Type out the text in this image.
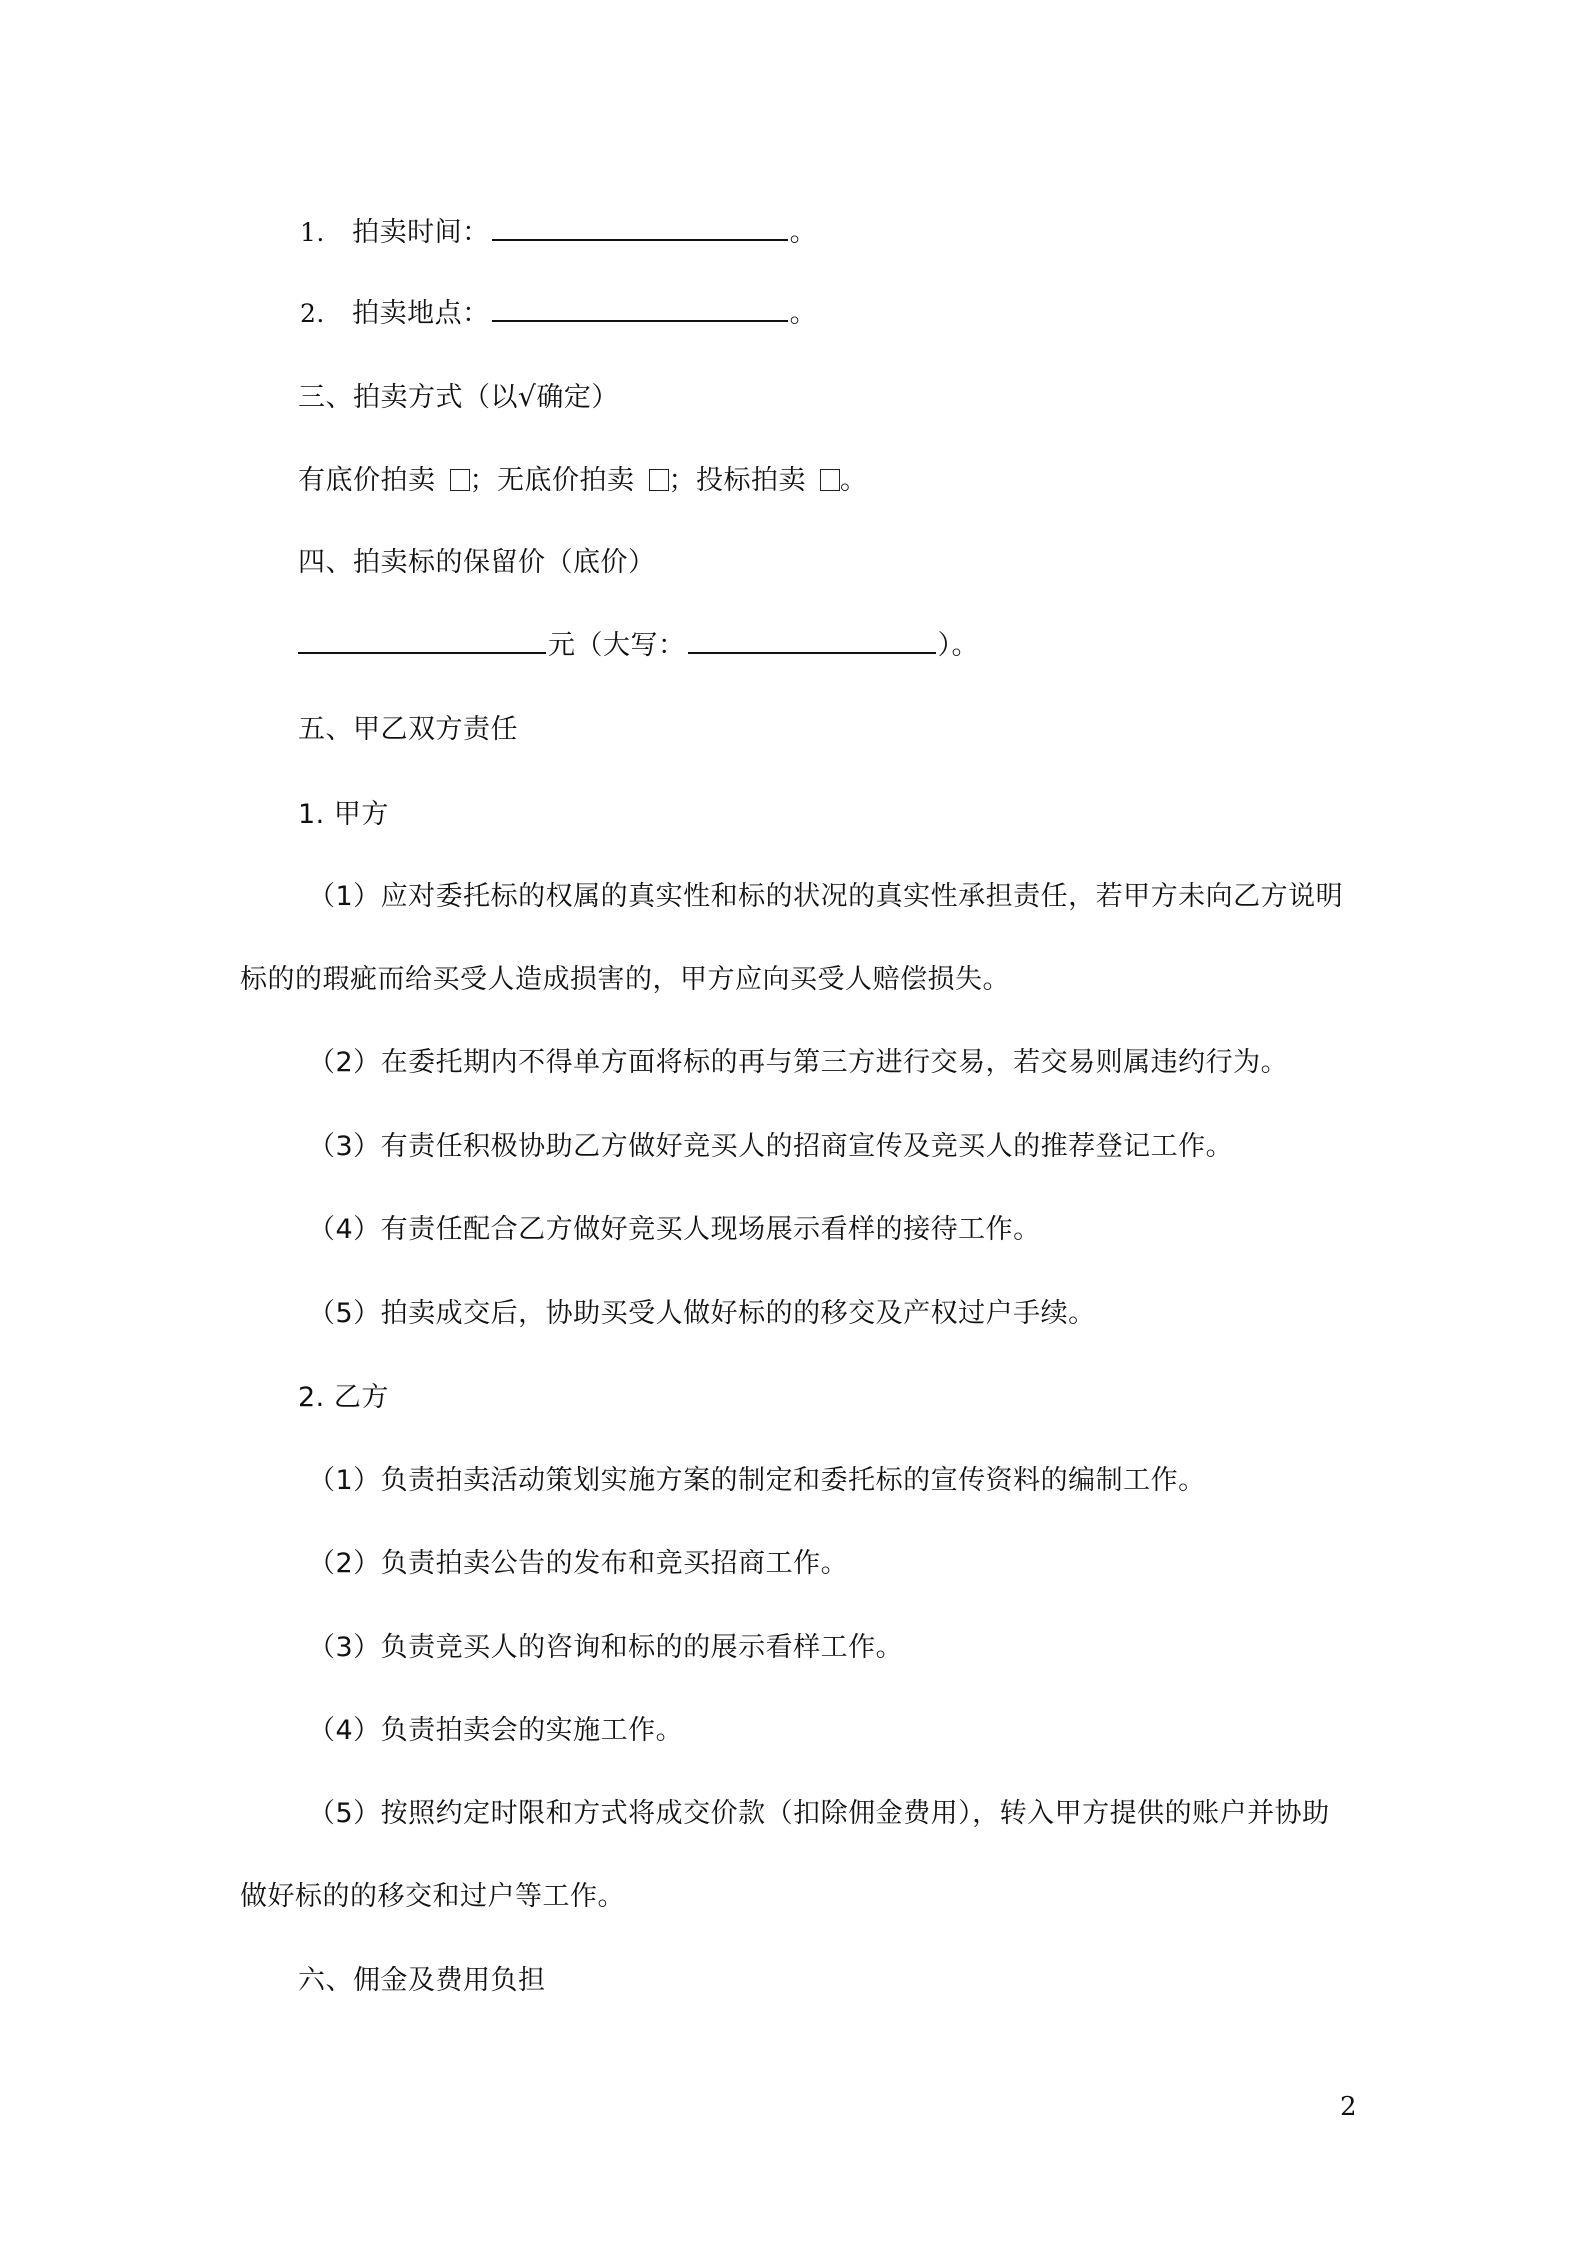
1. 拍卖时间：	。
2. 拍卖地点：	。
三、拍卖方式（以√确定）
有底价拍卖 ；无底价拍卖 ；投标拍卖 。
四、拍卖标的保留价（底价）
元（大写：	）。
五、甲乙双方责任
1. 甲方
（1）应对委托标的权属的真实性和标的状况的真实性承担责任，若甲方未向乙方说明
标的的瑕疵而给买受人造成损害的，甲方应向买受人赔偿损失。
（2）在委托期内不得单方面将标的再与第三方进行交易，若交易则属违约行为。
（3）有责任积极协助乙方做好竞买人的招商宣传及竞买人的推荐登记工作。
（4）有责任配合乙方做好竞买人现场展示看样的接待工作。
（5）拍卖成交后，协助买受人做好标的的移交及产权过户手续。
2. 乙方
（1）负责拍卖活动策划实施方案的制定和委托标的宣传资料的编制工作。
（2）负责拍卖公告的发布和竞买招商工作。
（3）负责竞买人的咨询和标的的展示看样工作。
（4）负责拍卖会的实施工作。
（5）按照约定时限和方式将成交价款（扣除佣金费用），转入甲方提供的账户并协助
做好标的的移交和过户等工作。
六、佣金及费用负担
2
